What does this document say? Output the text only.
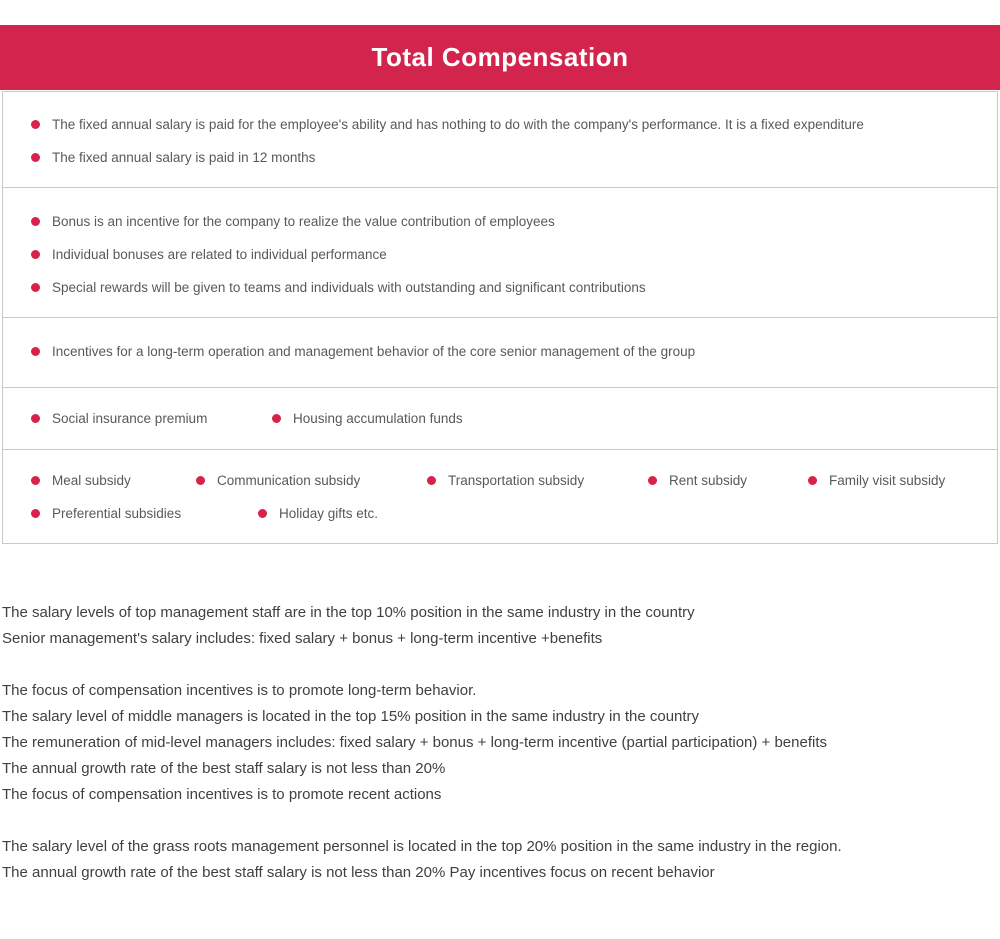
Total Compensation
The fixed annual salary is paid for the employee's ability and has nothing to do with the company's performance. It is a fixed expenditure
The fixed annual salary is paid in 12 months
Bonus is an incentive for the company to realize the value contribution of employees
Individual bonuses are related to individual performance
Special rewards will be given to teams and individuals with outstanding and significant contributions
Incentives for a long-term operation and management behavior of the core senior management of the group
Social insurance premium	Housing accumulation funds
Meal subsidy	Communication subsidy	Transportation subsidy	Rent subsidy	Family visit subsidy
Preferential subsidies	Holiday gifts etc.

The salary levels of top management staff are in the top 10% position in the same industry in the country

Senior management's salary includes: fixed salary + bonus + long-term incentive +benefits

The focus of compensation incentives is to promote long-term behavior.

The salary level of middle managers is located in the top 15% position in the same industry in the country

The remuneration of mid-level managers includes: fixed salary + bonus + long-term incentive (partial participation) + benefits

The annual growth rate of the best staff salary is not less than 20%

The focus of compensation incentives is to promote recent actions

The salary level of the grass roots management personnel is located in the top 20% position in the same industry in the region.

The annual growth rate of the best staff salary is not less than 20% Pay incentives focus on recent behavior
